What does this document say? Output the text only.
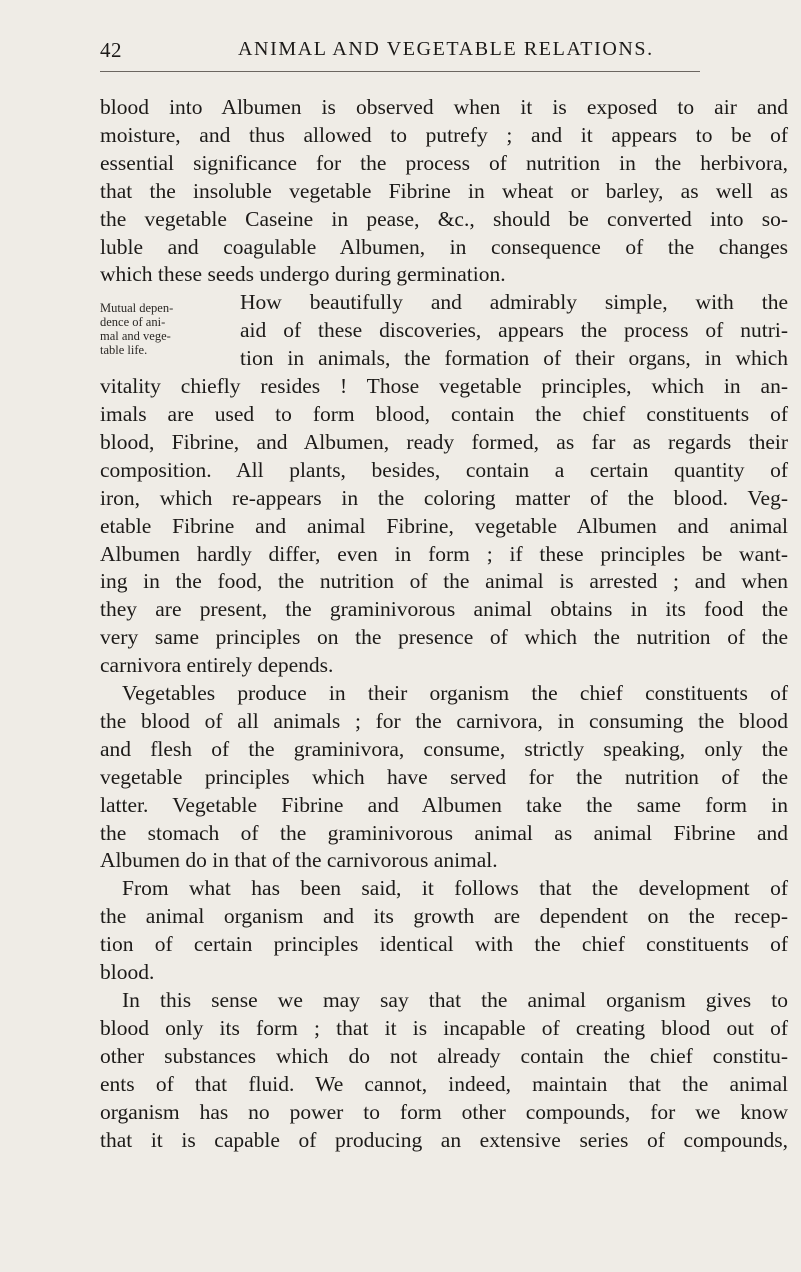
42	ANIMAL AND VEGETABLE RELATIONS.
Mutual depen-
dence of ani-
mal and vege-
table life.
blood into Albumen is observed when it is exposed to air and
moisture, and thus allowed to putrefy ; and it appears to be of
essential significance for the process of nutrition in the herbivora,
that the insoluble vegetable Fibrine in wheat or barley, as well as
the vegetable Caseine in pease, &c., should be converted into so-
luble and coagulable Albumen, in consequence of the changes
which these seeds undergo during germination.
How beautifully and admirably simple, with the
aid of these discoveries, appears the process of nutri-
tion in animals, the formation of their organs, in which
vitality chiefly resides ! Those vegetable principles, which in an-
imals are used to form blood, contain the chief constituents of
blood, Fibrine, and Albumen, ready formed, as far as regards their
composition. All plants, besides, contain a certain quantity of
iron, which re-appears in the coloring matter of the blood. Veg-
etable Fibrine and animal Fibrine, vegetable Albumen and animal
Albumen hardly differ, even in form ; if these principles be want-
ing in the food, the nutrition of the animal is arrested ; and when
they are present, the graminivorous animal obtains in its food the
very same principles on the presence of which the nutrition of the
carnivora entirely depends.
Vegetables produce in their organism the chief constituents of
the blood of all animals ; for the carnivora, in consuming the blood
and flesh of the graminivora, consume, strictly speaking, only the
vegetable principles which have served for the nutrition of the
latter. Vegetable Fibrine and Albumen take the same form in
the stomach of the graminivorous animal as animal Fibrine and
Albumen do in that of the carnivorous animal.
From what has been said, it follows that the development of
the animal organism and its growth are dependent on the recep-
tion of certain principles identical with the chief constituents of
blood.
In this sense we may say that the animal organism gives to
blood only its form ; that it is incapable of creating blood out of
other substances which do not already contain the chief constitu-
ents of that fluid. We cannot, indeed, maintain that the animal
organism has no power to form other compounds, for we know
that it is capable of producing an extensive series of compounds,
